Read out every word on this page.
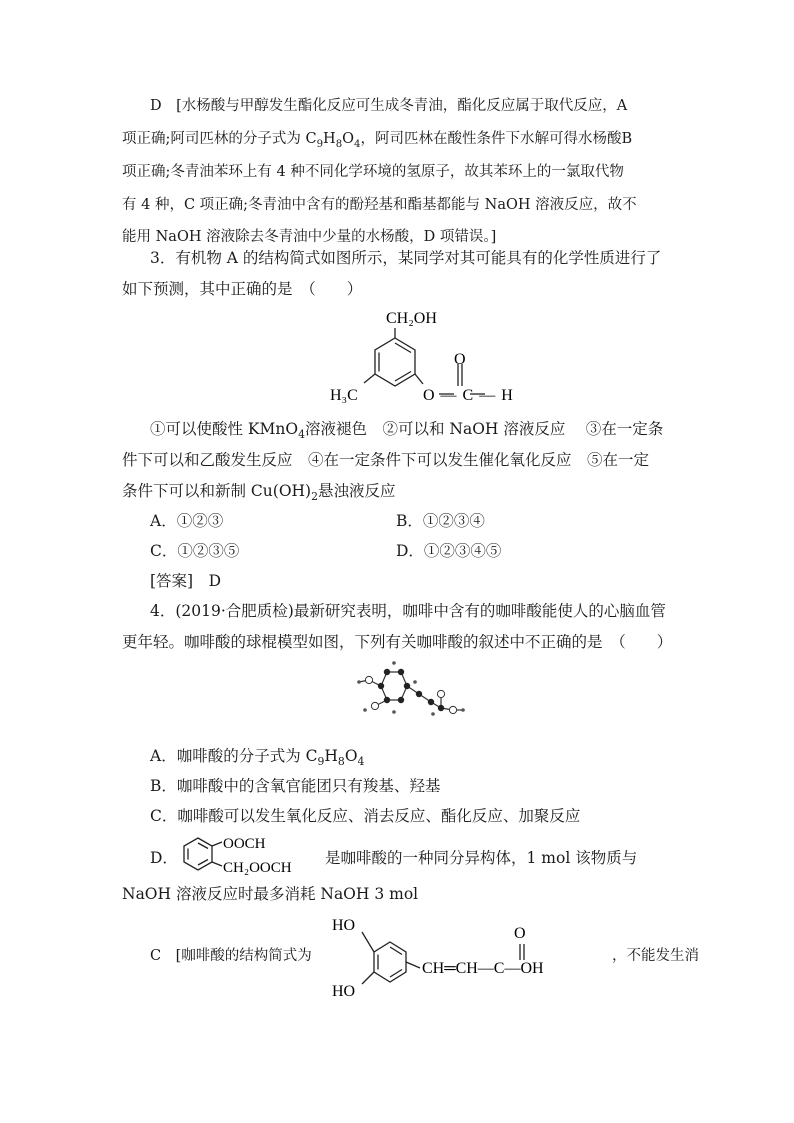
D　[水杨酸与甲醇发生酯化反应可生成冬青油，酯化反应属于取代反应，A
项正确;阿司匹林的分子式为 $C_9H_8O_4$，阿司匹林在酸性条件下水解可得水杨酸B
项正确;冬青油苯环上有 4 种不同化学环境的氢原子，故其苯环上的一氯取代物
有 4 种，C 项正确;冬青油中含有的酚羟基和酯基都能与 NaOH 溶液反应，故不
能用 NaOH 溶液除去冬青油中少量的水杨酸，D 项错误。]
3．有机物 A 的结构简式如图所示，某同学对其可能具有的化学性质进行了
如下预测，其中正确的是　（　　）
CH₂OH
O
H₃C	O—C—H
①可以使酸性 KMnO$_4$溶液褪色　②可以和 NaOH 溶液反应　 ③在一定条
件下可以和乙酸发生反应　④在一定条件下可以发生催化氧化反应　⑤在一定
条件下可以和新制 $Cu(OH)_2$悬浊液反应
A．①②③	B．①②③④
C．①②③⑤	D．①②③④⑤
[答案]　D
4．(2019·合肥质检)最新研究表明，咖啡中含有的咖啡酸能使人的心脑血管
更年轻。咖啡酸的球棍模型如图，下列有关咖啡酸的叙述中不正确的是　（　　）
A．咖啡酸的分子式为 $C_9H_8O_4$
B．咖啡酸中的含氧官能团只有羧基、羟基
C．咖啡酸可以发生氧化反应、消去反应、酯化反应、加聚反应
D．
OOCH
CH₂OOCH
是咖啡酸的一种同分异构体，1 mol 该物质与
NaOH 溶液反应时最多消耗 NaOH 3 mol
C　[咖啡酸的结构简式为
HO
HO
O
CH═CH—C—OH
，不能发生消
